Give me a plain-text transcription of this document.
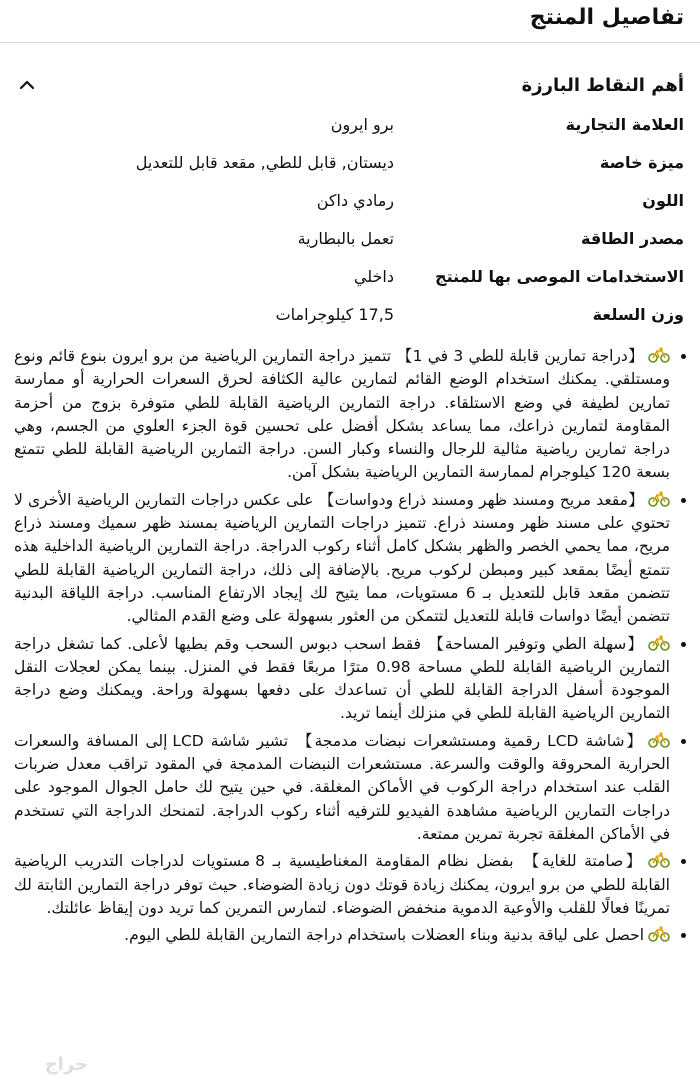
تفاصيل المنتج
أهم النقاط البارزة
العلامة التجارية
برو ايرون
ميزة خاصة
ديستان, قابل للطي, مقعد قابل للتعديل
اللون
رمادي داكن
مصدر الطاقة
تعمل بالبطارية
الاستخدامات الموصى بها للمنتج
داخلي
وزن السلعة
17,5 كيلوجرامات
【دراجة تمارين قابلة للطي 3 في 1】 تتميز دراجة التمارين الرياضية من برو ايرون بنوع قائم ونوع ومستلقي. يمكنك استخدام الوضع القائم لتمارين عالية الكثافة لحرق السعرات الحرارية أو ممارسة تمارين لطيفة في وضع الاستلقاء. دراجة التمارين الرياضية القابلة للطي متوفرة بزوج من أحزمة المقاومة لتمارين ذراعك، مما يساعد بشكل أفضل على تحسين قوة الجزء العلوي من الجسم، وهي دراجة تمارين رياضية مثالية للرجال والنساء وكبار السن. دراجة التمارين الرياضية القابلة للطي تتمتع بسعة 120 كيلوجرام لممارسة التمارين الرياضية بشكل آمن.
【مقعد مريح ومسند ظهر ومسند ذراع ودواسات】 على عكس دراجات التمارين الرياضية الأخرى لا تحتوي على مسند ظهر ومسند ذراع. تتميز دراجات التمارين الرياضية بمسند ظهر سميك ومسند ذراع مريح، مما يحمي الخصر والظهر بشكل كامل أثناء ركوب الدراجة. دراجة التمارين الرياضية الداخلية هذه تتمتع أيضًا بمقعد كبير ومبطن لركوب مريح. بالإضافة إلى ذلك، دراجة التمارين الرياضية القابلة للطي تتضمن مقعد قابل للتعديل بـ 6 مستويات، مما يتيح لك إيجاد الارتفاع المناسب. دراجة اللياقة البدنية تتضمن أيضًا دواسات قابلة للتعديل لتتمكن من العثور بسهولة على وضع القدم المثالي.
【سهلة الطي وتوفير المساحة】 فقط اسحب دبوس السحب وقم بطيها لأعلى. كما تشغل دراجة التمارين الرياضية القابلة للطي مساحة 0.98 مترًا مربعًا فقط في المنزل. بينما يمكن لعجلات النقل الموجودة أسفل الدراجة القابلة للطي أن تساعدك على دفعها بسهولة وراحة. ويمكنك وضع دراجة التمارين الرياضية القابلة للطي في منزلك أينما تريد.
【شاشة LCD رقمية ومستشعرات نبضات مدمجة】 تشير شاشة LCD إلى المسافة والسعرات الحرارية المحروقة والوقت والسرعة. مستشعرات النبضات المدمجة في المقود تراقب معدل ضربات القلب عند استخدام دراجة الركوب في الأماكن المغلقة. في حين يتيح لك حامل الجوال الموجود على دراجات التمارين الرياضية مشاهدة الفيديو للترفيه أثناء ركوب الدراجة. لتمنحك الدراجة التي تستخدم في الأماكن المغلقة تجربة تمرين ممتعة.
【صامتة للغاية】 بفضل نظام المقاومة المغناطيسية بـ 8 مستويات لدراجات التدريب الرياضية القابلة للطي من برو ايرون، يمكنك زيادة قوتك دون زيادة الضوضاء. حيث توفر دراجة التمارين الثابتة لك تمرينًا فعالًا للقلب والأوعية الدموية منخفض الضوضاء. لتمارس التمرين كما تريد دون إيقاظ عائلتك.
احصل على لياقة بدنية وبناء العضلات باستخدام دراجة التمارين القابلة للطي اليوم.
حراج
